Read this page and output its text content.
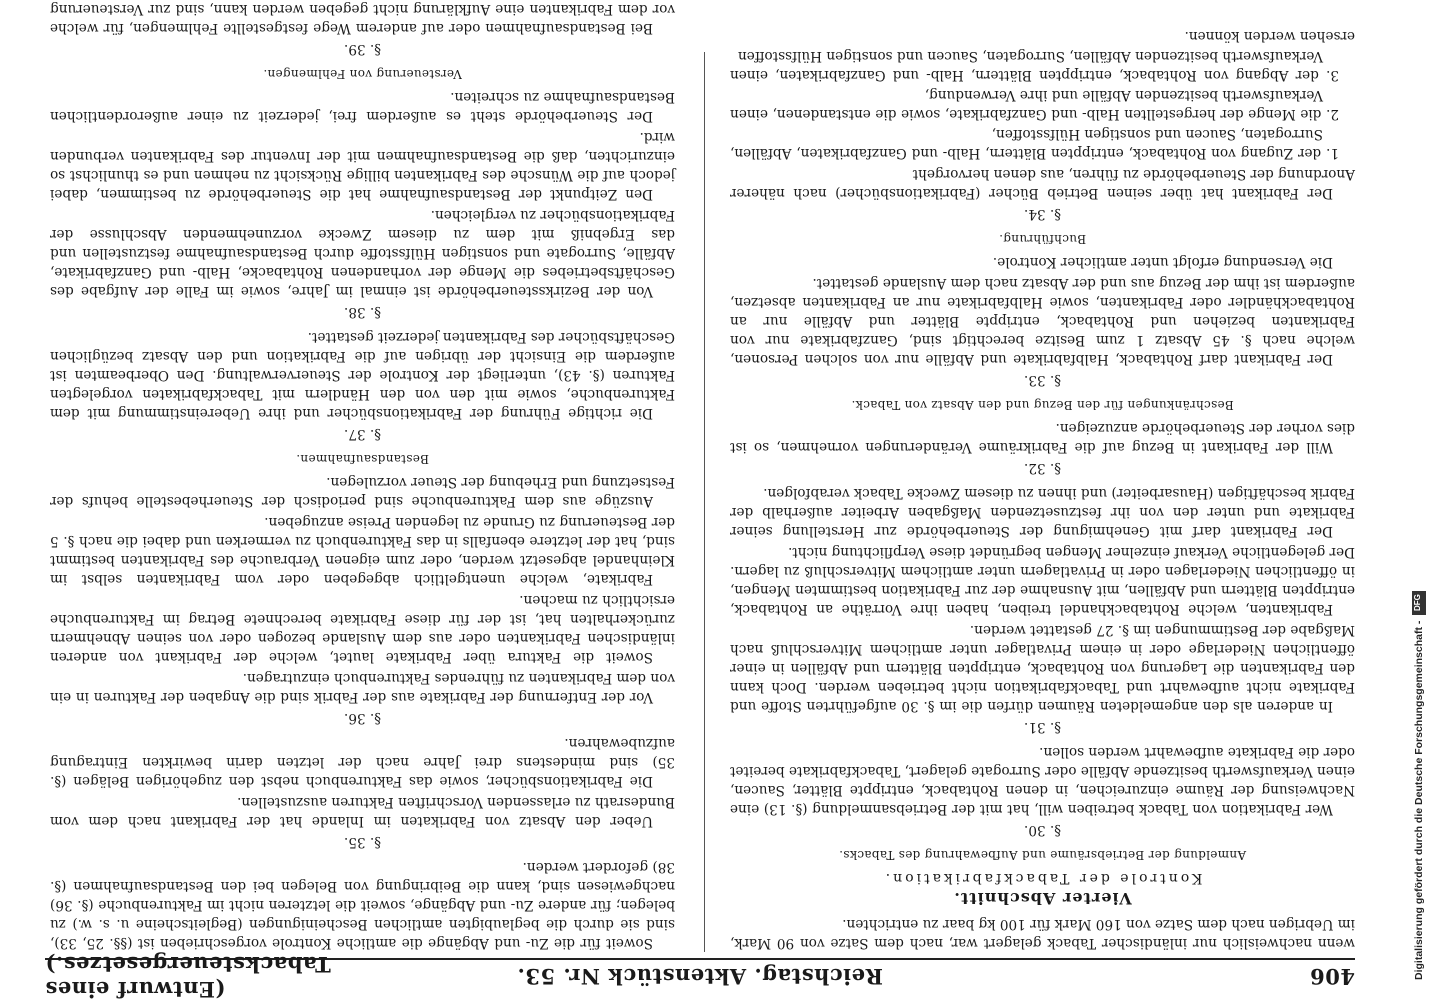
406
Reichstag. Aktenstück Nr. 53.
(Entwurf eines Tabacksteuergesetzes.)

wenn nachweislich nur inländischer Taback gelagert war, nach dem Satze von 90 Mark, im Uebrigen nach dem Satze von 160 Mark für 100 kg baar zu entrichten.

Vierter Abschnitt.
Kontrole der Tabackfabrikation.
Anmeldung der Betriebsräume und Aufbewahrung des Tabacks.
§. 30.

Wer Fabrikation von Taback betreiben will, hat mit der Betriebsanmeldung (§. 13) eine Nachweisung der Räume einzureichen, in denen Rohtaback, entrippte Blätter, Saucen, einen Verkaufswerth besitzende Abfälle oder Surrogate gelagert, Tabackfabrikate bereitet oder die Fabrikate aufbewahrt werden sollen.

§. 31.

In anderen als den angemeldeten Räumen dürfen die im §. 30 aufgeführten Stoffe und Fabrikate nicht aufbewahrt und Tabackfabrikation nicht betrieben werden. Doch kann den Fabrikanten die Lagerung von Rohtaback, entrippten Blättern und Abfällen in einer öffentlichen Niederlage oder in einem Privatlager unter amtlichem Mitverschluß nach Maßgabe der Bestimmungen im §. 27 gestattet werden.

Fabrikanten, welche Rohtabackhandel treiben, haben ihre Vorräthe an Rohtaback, entrippten Blättern und Abfällen, mit Ausnahme der zur Fabrikation bestimmten Mengen, in öffentlichen Niederlagen oder in Privatlagern unter amtlichem Mitverschluß zu lagern. Der gelegentliche Verkauf einzelner Mengen begründet diese Verpflichtung nicht.

Der Fabrikant darf mit Genehmigung der Steuerbehörde zur Herstellung seiner Fabrikate und unter den von ihr festzusetzenden Maßgaben Arbeiter außerhalb der Fabrik beschäftigen (Hausarbeiter) und ihnen zu diesem Zwecke Taback verabfolgen.

§. 32.

Will der Fabrikant in Bezug auf die Fabrikräume Veränderungen vornehmen, so ist dies vorher der Steuerbehörde anzuzeigen.

Beschränkungen für den Bezug und den Absatz von Taback.
§. 33.

Der Fabrikant darf Rohtaback, Halbfabrikate und Abfälle nur von solchen Personen, welche nach §. 45 Absatz 1 zum Besitze berechtigt sind, Ganzfabrikate nur von Fabrikanten beziehen und Rohtaback, entrippte Blätter und Abfälle nur an Rohtabackhändler oder Fabrikanten, sowie Halbfabrikate nur an Fabrikanten absetzen, außerdem ist ihm der Bezug aus und der Absatz nach dem Auslande gestattet.

Die Versendung erfolgt unter amtlicher Kontrole.

Buchführung.
§. 34.

Der Fabrikant hat über seinen Betrieb Bücher (Fabrikationsbücher) nach näherer Anordnung der Steuerbehörde zu führen, aus denen hervorgeht

1. der Zugang von Rohtaback, entrippten Blättern, Halb- und Ganzfabrikaten, Abfällen, Surrogaten, Saucen und sonstigen Hülfsstoffen,

2. die Menge der hergestellten Halb- und Ganzfabrikate, sowie die entstandenen, einen Verkaufswerth besitzenden Abfälle und ihre Verwendung,

3. der Abgang von Rohtaback, entrippten Blättern, Halb- und Ganzfabrikaten, einen Verkaufswerth besitzenden Abfällen, Surrogaten, Saucen und sonstigen Hülfsstoffen

ersehen werden können.

Soweit für die Zu- und Abgänge die amtliche Kontrole vorgeschrieben ist (§§. 25, 33), sind sie durch die beglaubigten amtlichen Bescheinigungen (Begleitscheine u. s. w.) zu belegen; für andere Zu- und Abgänge, soweit die letzteren nicht im Fakturenbuche (§. 36) nachgewiesen sind, kann die Beibringung von Belegen bei den Bestandsaufnahmen (§. 38) gefordert werden.

§. 35.

Ueber den Absatz von Fabrikaten im Inlande hat der Fabrikant nach dem vom Bundesrath zu erlassenden Vorschriften Fakturen auszustellen.

Die Fabrikationsbücher, sowie das Fakturenbuch nebst den zugehörigen Belägen (§. 35) sind mindestens drei Jahre nach der letzten darin bewirkten Eintragung aufzubewahren.

§. 36.

Vor der Entfernung der Fabrikate aus der Fabrik sind die Angaben der Fakturen in ein von dem Fabrikanten zu führendes Fakturenbuch einzutragen.

Soweit die Faktura über Fabrikate lautet, welche der Fabrikant von anderen inländischen Fabrikanten oder aus dem Auslande bezogen oder von seinen Abnehmern zurückerhalten hat, ist der für diese Fabrikate berechnete Betrag im Fakturenbuche ersichtlich zu machen.

Fabrikate, welche unentgeltlich abgegeben oder vom Fabrikanten selbst im Kleinhandel abgesetzt werden, oder zum eigenen Verbrauche des Fabrikanten bestimmt sind, hat der letztere ebenfalls in das Fakturenbuch zu vermerken und dabei die nach §. 5 der Besteuerung zu Grunde zu legenden Preise anzugeben.

Auszüge aus dem Fakturenbuche sind periodisch der Steuerhebestelle behufs der Festsetzung und Erhebung der Steuer vorzulegen.

Bestandsaufnahmen.
§. 37.

Die richtige Führung der Fabrikationsbücher und ihre Uebereinstimmung mit dem Fakturenbuche, sowie mit den von den Händlern mit Tabackfabrikaten vorgelegten Fakturen (§. 43), unterliegt der Kontrole der Steuerverwaltung. Den Oberbeamten ist außerdem die Einsicht der übrigen auf die Fabrikation und den Absatz bezüglichen Geschäftsbücher des Fabrikanten jederzeit gestattet.

§. 38.

Von der Bezirkssteuerbehörde ist einmal im Jahre, sowie im Falle der Aufgabe des Geschäftsbetriebes die Menge der vorhandenen Rohtabacke, Halb- und Ganzfabrikate, Abfälle, Surrogate und sonstigen Hülfsstoffe durch Bestandsaufnahme festzustellen und das Ergebniß mit dem zu diesem Zwecke vorzunehmenden Abschlusse der Fabrikationsbücher zu vergleichen.

Den Zeitpunkt der Bestandsaufnahme hat die Steuerbehörde zu bestimmen, dabei jedoch auf die Wünsche des Fabrikanten billige Rücksicht zu nehmen und es thunlichst so einzurichten, daß die Bestandsaufnahmen mit der Inventur des Fabrikanten verbunden wird.

Der Steuerbehörde steht es außerdem frei, jederzeit zu einer außerordentlichen Bestandsaufnahme zu schreiten.

Versteuerung von Fehlmengen.
§. 39.

Bei Bestandsaufnahmen oder auf anderem Wege festgestellte Fehlmengen, für welche vor dem Fabrikanten eine Aufklärung nicht gegeben werden kann, sind zur Versteuerung

Digitalisierung gefördert durch die Deutsche Forschungsgemeinschaft -
DFG
